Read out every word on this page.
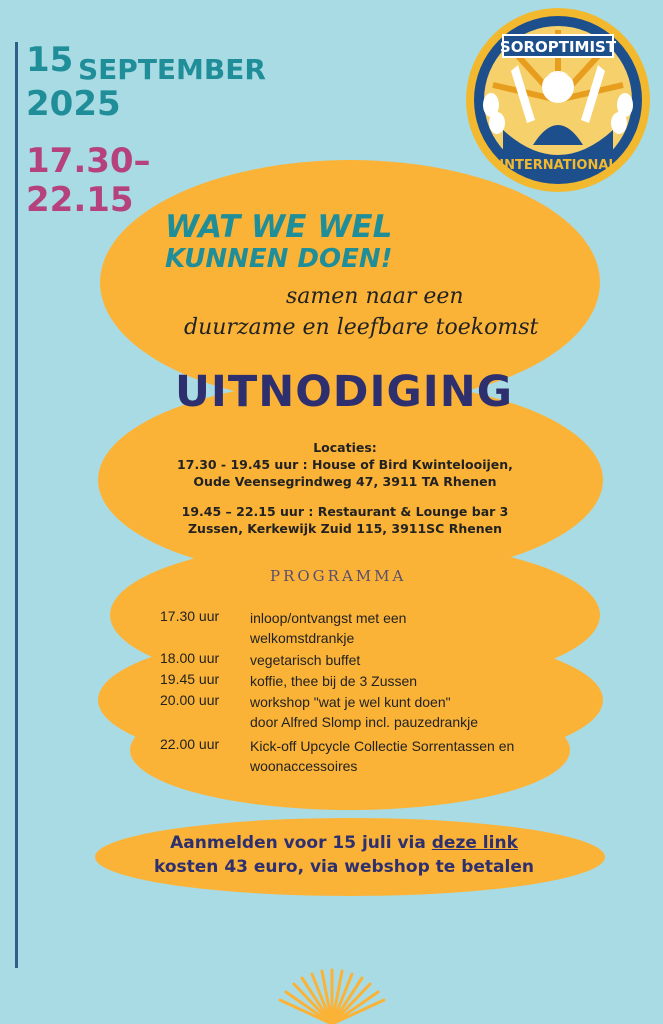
15 SEPTEMBER
2025
17.30–
22.15
SOROPTIMIST
INTERNATIONAL
WAT WE WEL
KUNNEN DOEN!
samen naar een
duurzame en leefbare toekomst
UITNODIGING
Locaties:
17.30 - 19.45 uur : House of Bird Kwintelooijen,
Oude Veensegrindweg 47, 3911 TA Rhenen
19.45 – 22.15 uur : Restaurant & Lounge bar 3
Zussen, Kerkewijk Zuid 115, 3911SC Rhenen
PROGRAMMA
17.30 uur	inloop/ontvangst met een
welkomstdrankje
18.00 uur	vegetarisch buffet
19.45 uur	koffie, thee bij de 3 Zussen
20.00 uur	workshop "wat je wel kunt doen"
door Alfred Slomp incl. pauzedrankje
22.00 uur	Kick-off Upcycle Collectie Sorrentassen en
woonaccessoires
Aanmelden voor 15 juli via deze link
kosten 43 euro, via webshop te betalen
